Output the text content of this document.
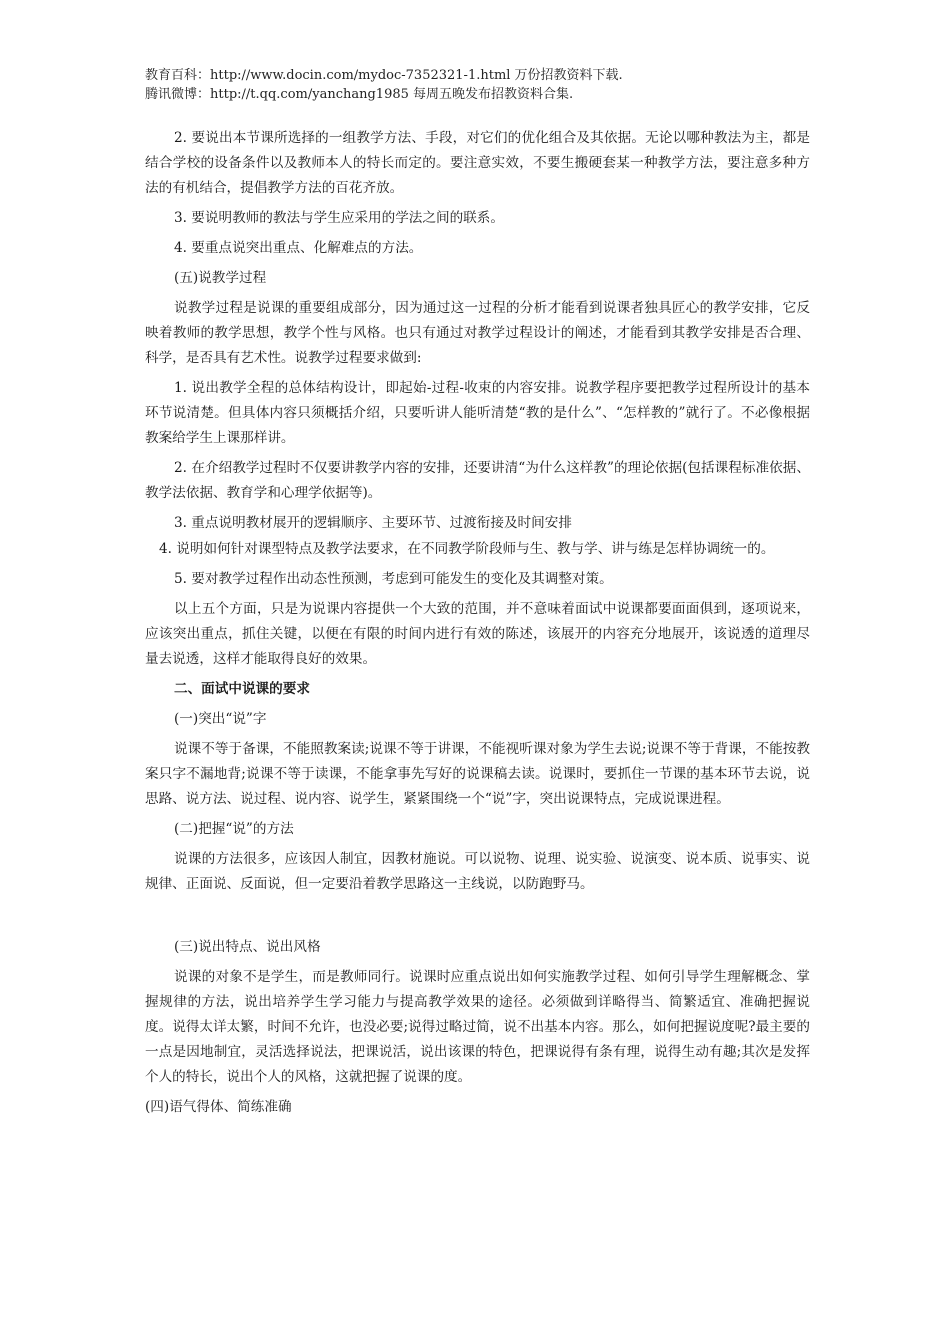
教育百科：http://www.docin.com/mydoc-7352321-1.html 万份招教资料下载.
腾讯微博：http://t.qq.com/yanchang1985 每周五晚发布招教资料合集.

2. 要说出本节课所选择的一组教学方法、手段，对它们的优化组合及其依据。无论以哪种教法为主，都是结合学校的设备条件以及教师本人的特长而定的。要注意实效，不要生搬硬套某一种教学方法，要注意多种方法的有机结合，提倡教学方法的百花齐放。

3. 要说明教师的教法与学生应采用的学法之间的联系。

4. 要重点说突出重点、化解难点的方法。

(五)说教学过程

说教学过程是说课的重要组成部分，因为通过这一过程的分析才能看到说课者独具匠心的教学安排，它反映着教师的教学思想，教学个性与风格。也只有通过对教学过程设计的阐述，才能看到其教学安排是否合理、科学，是否具有艺术性。说教学过程要求做到:

1. 说出教学全程的总体结构设计，即起始-过程-收束的内容安排。说教学程序要把教学过程所设计的基本环节说清楚。但具体内容只须概括介绍，只要听讲人能听清楚“教的是什么”、“怎样教的”就行了。不必像根据教案给学生上课那样讲。

2. 在介绍教学过程时不仅要讲教学内容的安排，还要讲清“为什么这样教”的理论依据(包括课程标准依据、教学法依据、教育学和心理学依据等)。

3. 重点说明教材展开的逻辑顺序、主要环节、过渡衔接及时间安排

4. 说明如何针对课型特点及教学法要求，在不同教学阶段师与生、教与学、讲与练是怎样协调统一的。

5. 要对教学过程作出动态性预测，考虑到可能发生的变化及其调整对策。

以上五个方面，只是为说课内容提供一个大致的范围，并不意味着面试中说课都要面面俱到，逐项说来，应该突出重点，抓住关键，以便在有限的时间内进行有效的陈述，该展开的内容充分地展开，该说透的道理尽量去说透，这样才能取得良好的效果。

二、面试中说课的要求

(一)突出“说”字

说课不等于备课，不能照教案读;说课不等于讲课，不能视听课对象为学生去说;说课不等于背课，不能按教案只字不漏地背;说课不等于读课，不能拿事先写好的说课稿去读。说课时，要抓住一节课的基本环节去说，说思路、说方法、说过程、说内容、说学生，紧紧围绕一个“说”字，突出说课特点，完成说课进程。

(二)把握“说”的方法

说课的方法很多，应该因人制宜，因教材施说。可以说物、说理、说实验、说演变、说本质、说事实、说规律、正面说、反面说，但一定要沿着教学思路这一主线说，以防跑野马。

(三)说出特点、说出风格

说课的对象不是学生，而是教师同行。说课时应重点说出如何实施教学过程、如何引导学生理解概念、掌握规律的方法，说出培养学生学习能力与提高教学效果的途径。必须做到详略得当、简繁适宜、准确把握说度。说得太详太繁，时间不允许，也没必要;说得过略过简，说不出基本内容。那么，如何把握说度呢?最主要的一点是因地制宜，灵活选择说法，把课说活，说出该课的特色，把课说得有条有理，说得生动有趣;其次是发挥个人的特长，说出个人的风格，这就把握了说课的度。

(四)语气得体、简练准确
